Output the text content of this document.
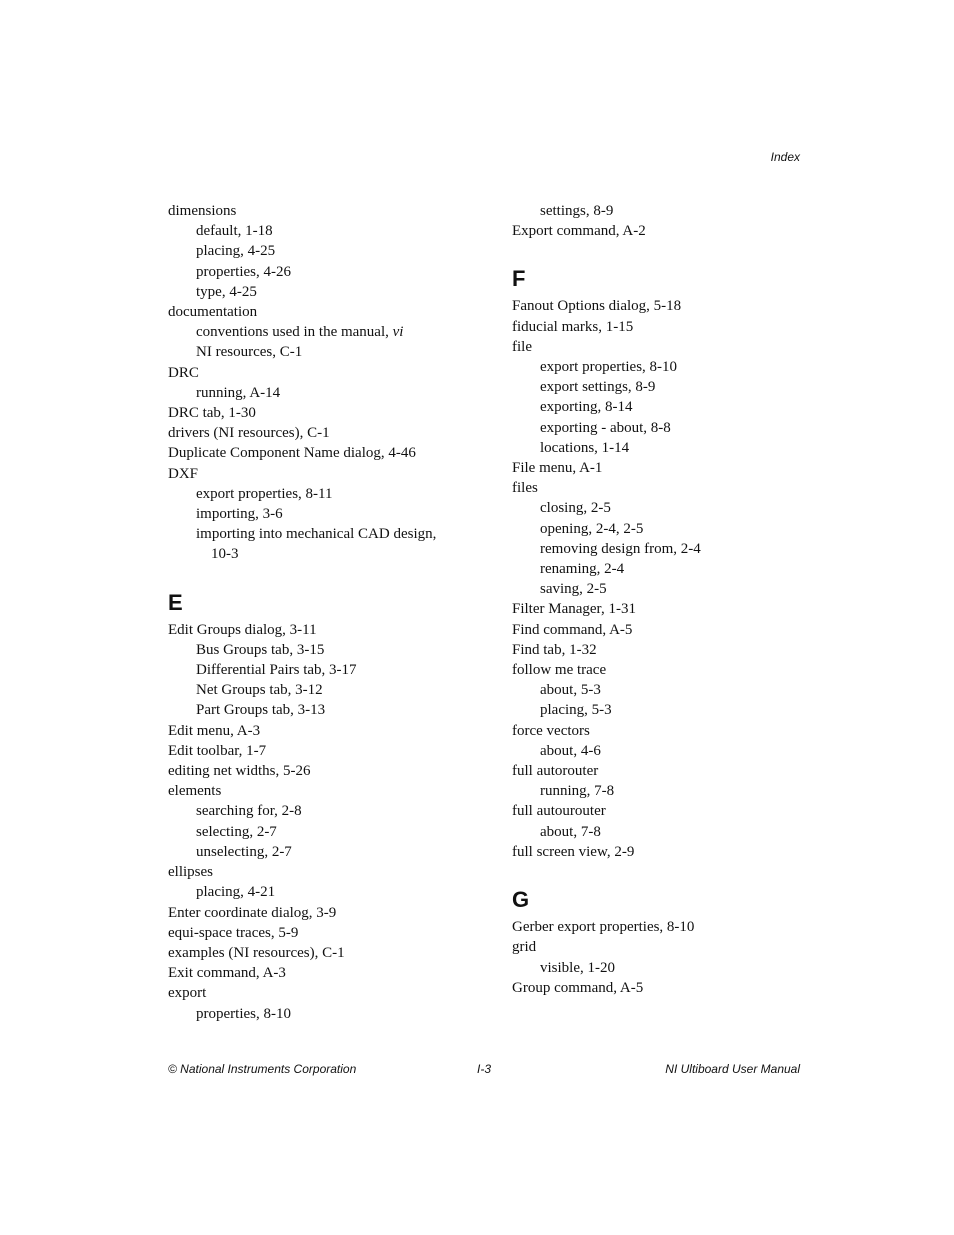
Index
dimensions
default, 1-18
placing, 4-25
properties, 4-26
type, 4-25
documentation
conventions used in the manual, vi
NI resources, C-1
DRC
running, A-14
DRC tab, 1-30
drivers (NI resources), C-1
Duplicate Component Name dialog, 4-46
DXF
export properties, 8-11
importing, 3-6
importing into mechanical CAD design,
10-3
E
Edit Groups dialog, 3-11
Bus Groups tab, 3-15
Differential Pairs tab, 3-17
Net Groups tab, 3-12
Part Groups tab, 3-13
Edit menu, A-3
Edit toolbar, 1-7
editing net widths, 5-26
elements
searching for, 2-8
selecting, 2-7
unselecting, 2-7
ellipses
placing, 4-21
Enter coordinate dialog, 3-9
equi-space traces, 5-9
examples (NI resources), C-1
Exit command, A-3
export
properties, 8-10
settings, 8-9
Export command, A-2
F
Fanout Options dialog, 5-18
fiducial marks, 1-15
file
export properties, 8-10
export settings, 8-9
exporting, 8-14
exporting - about, 8-8
locations, 1-14
File menu, A-1
files
closing, 2-5
opening, 2-4, 2-5
removing design from, 2-4
renaming, 2-4
saving, 2-5
Filter Manager, 1-31
Find command, A-5
Find tab, 1-32
follow me trace
about, 5-3
placing, 5-3
force vectors
about, 4-6
full autorouter
running, 7-8
full autourouter
about, 7-8
full screen view, 2-9
G
Gerber export properties, 8-10
grid
visible, 1-20
Group command, A-5
© National Instruments Corporation	I-3	NI Ultiboard User Manual
